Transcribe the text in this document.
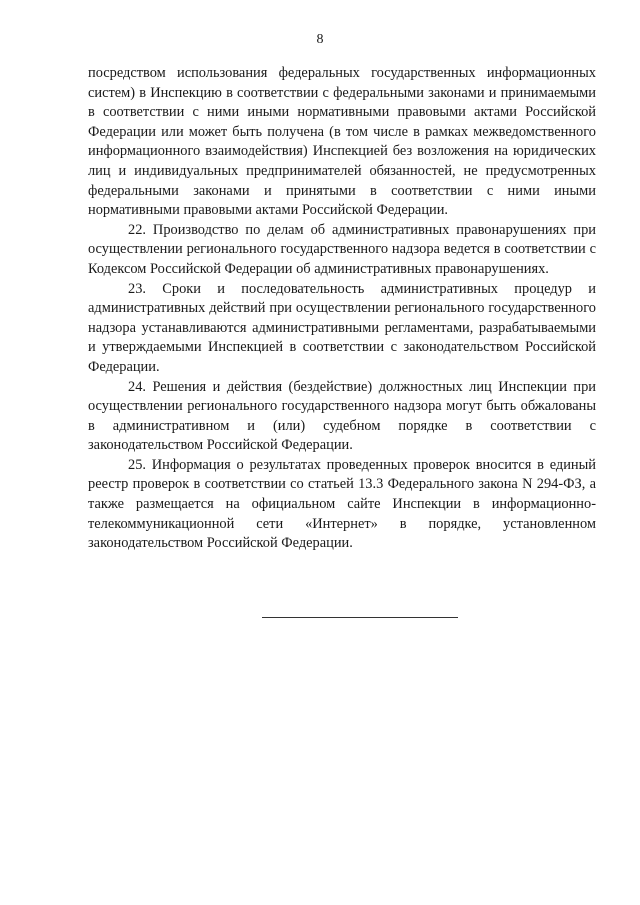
8

посредством использования федеральных государственных информационных систем) в Инспекцию в соответствии с федеральными законами и принимаемыми в соответствии с ними иными нормативными правовыми актами Российской Федерации или может быть получена (в том числе в рамках межведомственного информационного взаимодействия) Инспекцией без возложения на юридических лиц и индивидуальных предпринимателей обязанностей, не предусмотренных федеральными законами и принятыми в соответствии с ними иными нормативными правовыми актами Российской Федерации.

22. Производство по делам об административных правонарушениях при осуществлении регионального государственного надзора ведется в соответствии с Кодексом Российской Федерации об административных правонарушениях.

23. Сроки и последовательность административных процедур и административных действий при осуществлении регионального государственного надзора устанавливаются административными регламентами, разрабатываемыми и утверждаемыми Инспекцией в соответствии с законодательством Российской Федерации.

24. Решения и действия (бездействие) должностных лиц Инспекции при осуществлении регионального государственного надзора могут быть обжалованы в административном и (или) судебном порядке в соответствии с законодательством Российской Федерации.

25. Информация о результатах проведенных проверок вносится в единый реестр проверок в соответствии со статьей 13.3 Федерального закона N 294-ФЗ, а также размещается на официальном сайте Инспекции в информационно-телекоммуникационной сети «Интернет» в порядке, установленном законодательством Российской Федерации.
